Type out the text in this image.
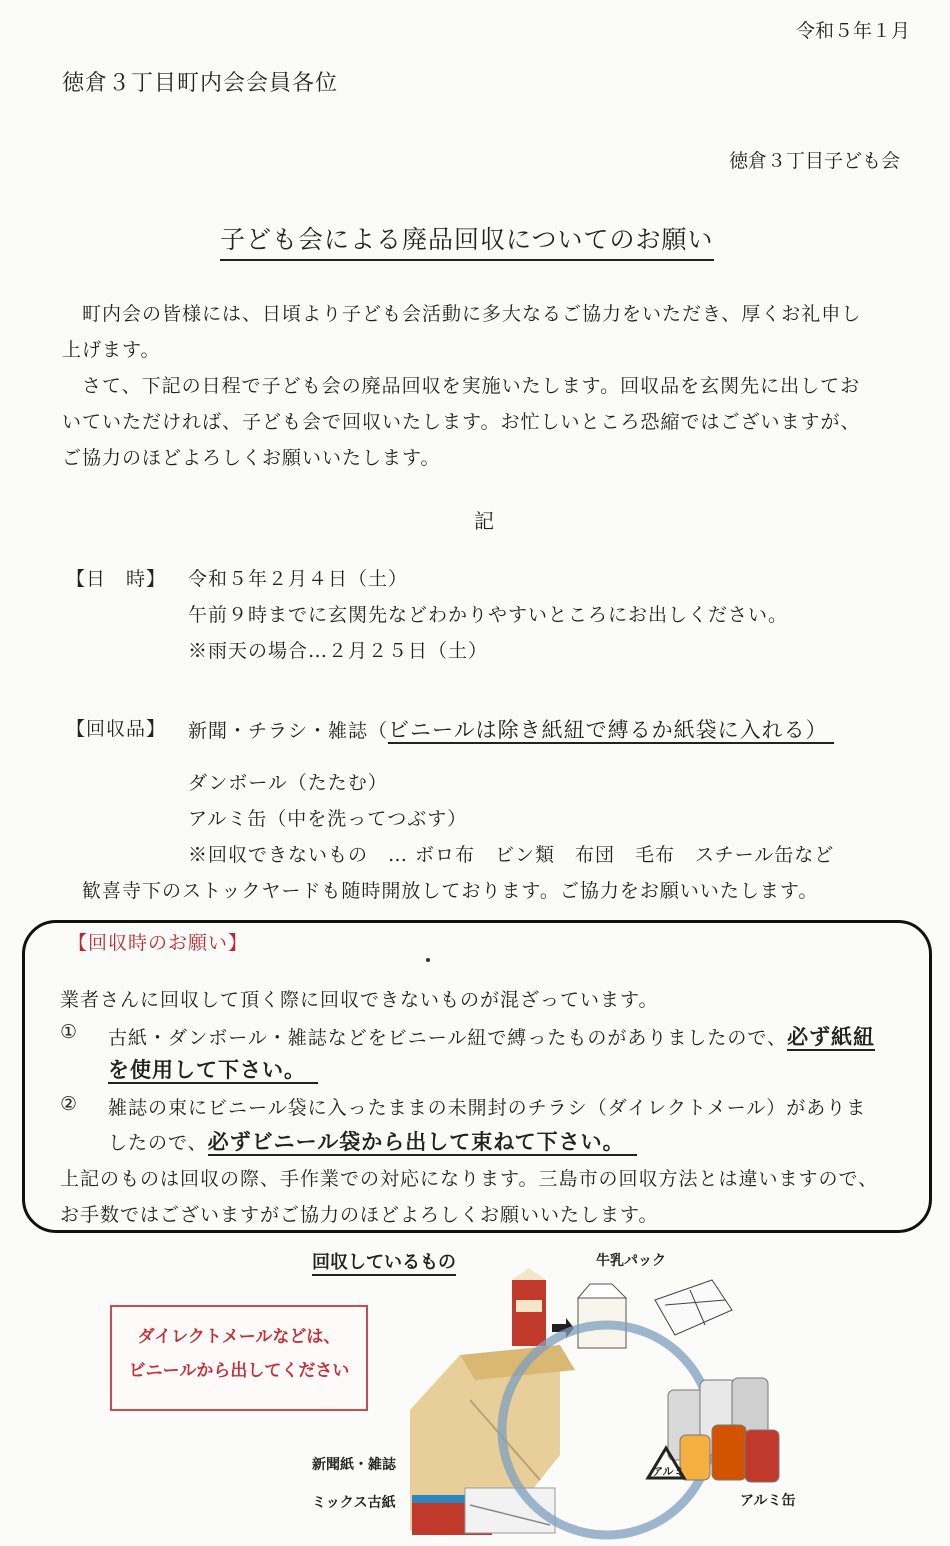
令和５年１月
徳倉３丁目町内会会員各位
徳倉３丁目子ども会
子ども会による廃品回収についてのお願い
町内会の皆様には、日頃より子ども会活動に多大なるご協力をいただき、厚くお礼申し
上げます。
さて、下記の日程で子ども会の廃品回収を実施いたします。回収品を玄関先に出してお
いていただければ、子ども会で回収いたします。お忙しいところ恐縮ではございますが、
ご協力のほどよろしくお願いいたします。
記
【日　時】 令和５年２月４日（土）
午前９時までに玄関先などわかりやすいところにお出しください。
※雨天の場合…２月２５日（土）
【回収品】 新聞・チラシ・雑誌（ビニールは除き紙紐で縛るか紙袋に入れる）
ダンボール（たたむ）
アルミ缶（中を洗ってつぶす）
※回収できないもの　… ボロ布　ビン類　布団　毛布　スチール缶など
歓喜寺下のストックヤードも随時開放しております。ご協力をお願いいたします。
【回収時のお願い】
業者さんに回収して頂く際に回収できないものが混ざっています。
① 古紙・ダンボール・雑誌などをビニール紐で縛ったものがありましたので、必ず紙紐
を使用して下さい。
② 雑誌の束にビニール袋に入ったままの未開封のチラシ（ダイレクトメール）がありま
したので、必ずビニール袋から出して束ねて下さい。
上記のものは回収の際、手作業での対応になります。三島市の回収方法とは違いますので、
お手数ではございますがご協力のほどよろしくお願いいたします。
回収しているもの
ダイレクトメールなどは、
ビニールから出してください
牛乳パック
新聞紙・雑誌
ミックス古紙	アルミ缶
アルミ
